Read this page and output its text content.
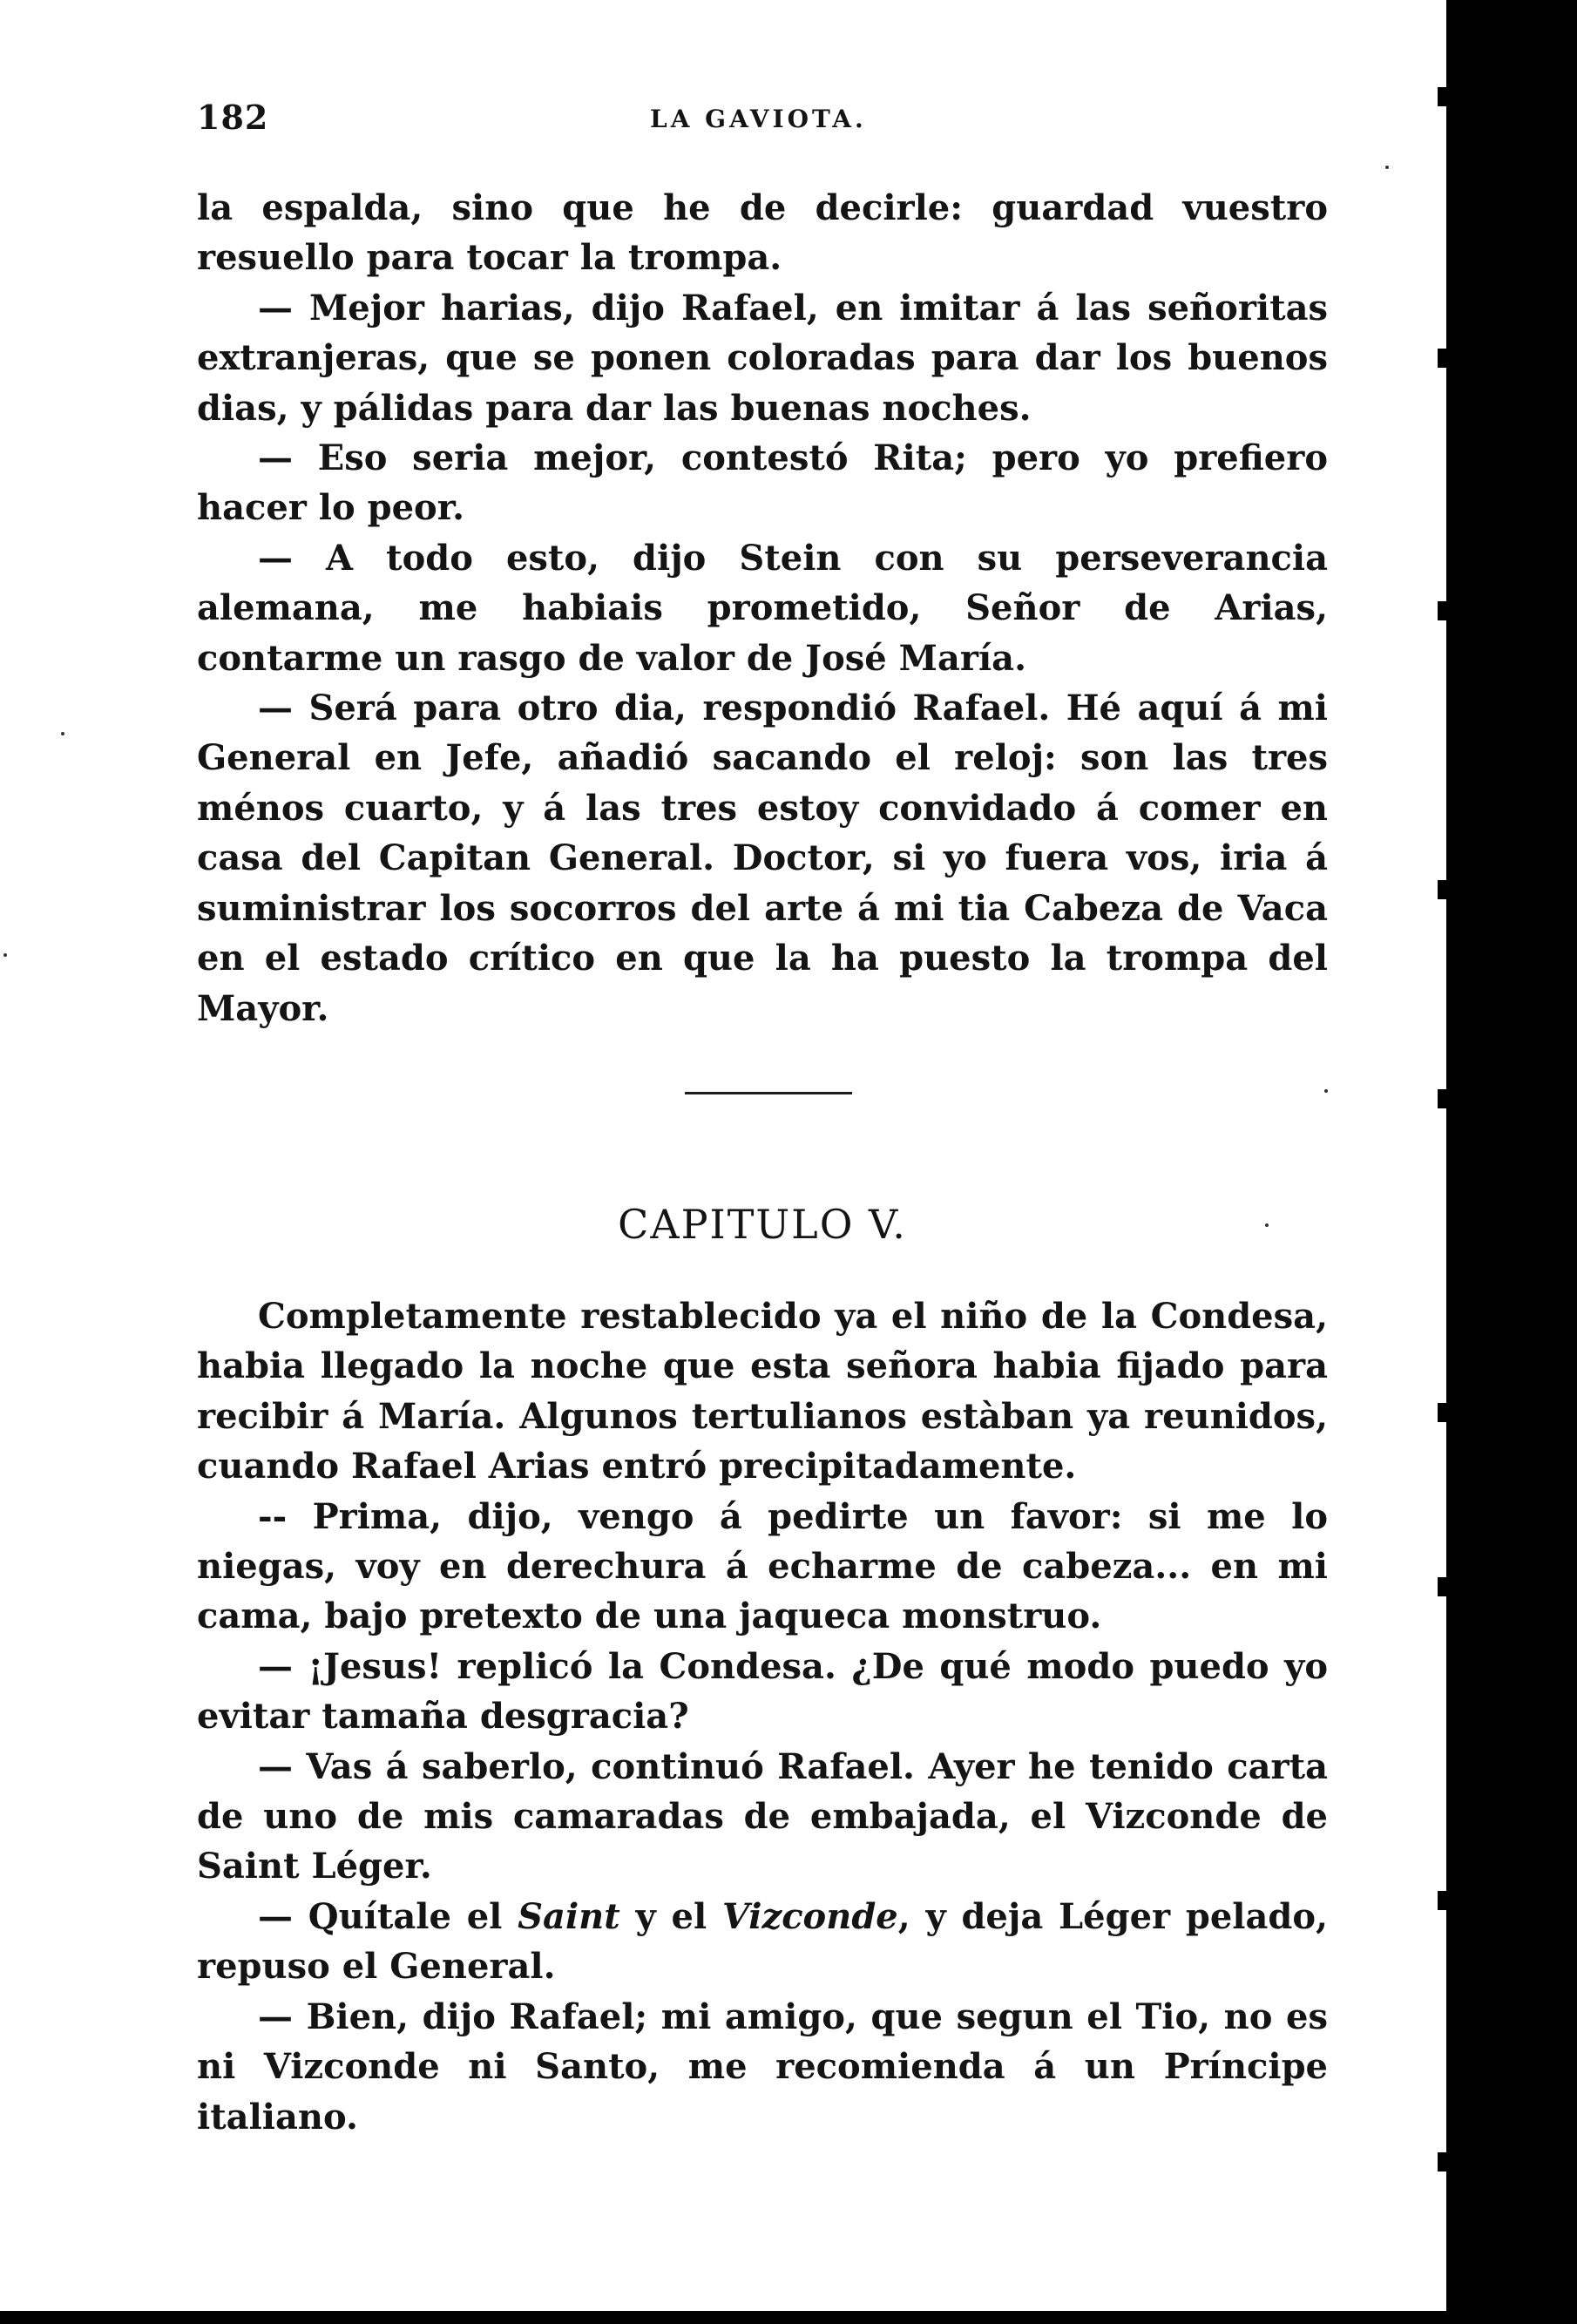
182	LA GAVIOTA.

la espalda, sino que he de decirle: guardad vuestro resuello para tocar la trompa.

— Mejor harias, dijo Rafael, en imitar á las señoritas extranjeras, que se ponen coloradas para dar los buenos dias, y pálidas para dar las buenas noches.

— Eso seria mejor, contestó Rita; pero yo prefiero hacer lo peor.

— A todo esto, dijo Stein con su perseverancia alemana, me habiais prometido, Señor de Arias, contarme un rasgo de valor de José María.

— Será para otro dia, respondió Rafael. Hé aquí á mi General en Jefe, añadió sacando el reloj: son las tres ménos cuarto, y á las tres estoy convidado á comer en casa del Capitan General. Doctor, si yo fuera vos, iria á suministrar los socorros del arte á mi tia Cabeza de Vaca en el estado crítico en que la ha puesto la trompa del Mayor.

CAPITULO V.

Completamente restablecido ya el niño de la Condesa, habia llegado la noche que esta señora habia fijado para recibir á María. Algunos tertulianos estàban ya reunidos, cuando Rafael Arias entró precipitadamente.

-- Prima, dijo, vengo á pedirte un favor: si me lo niegas, voy en derechura á echarme de cabeza... en mi cama, bajo pretexto de una jaqueca monstruo.

— ¡Jesus! replicó la Condesa. ¿De qué modo puedo yo evitar tamaña desgracia?

— Vas á saberlo, continuó Rafael. Ayer he tenido carta de uno de mis camaradas de embajada, el Vizconde de Saint Léger.

— Quítale el Saint y el Vizconde, y deja Léger pelado, repuso el General.

— Bien, dijo Rafael; mi amigo, que segun el Tio, no es ni Vizconde ni Santo, me recomienda á un Príncipe italiano.
